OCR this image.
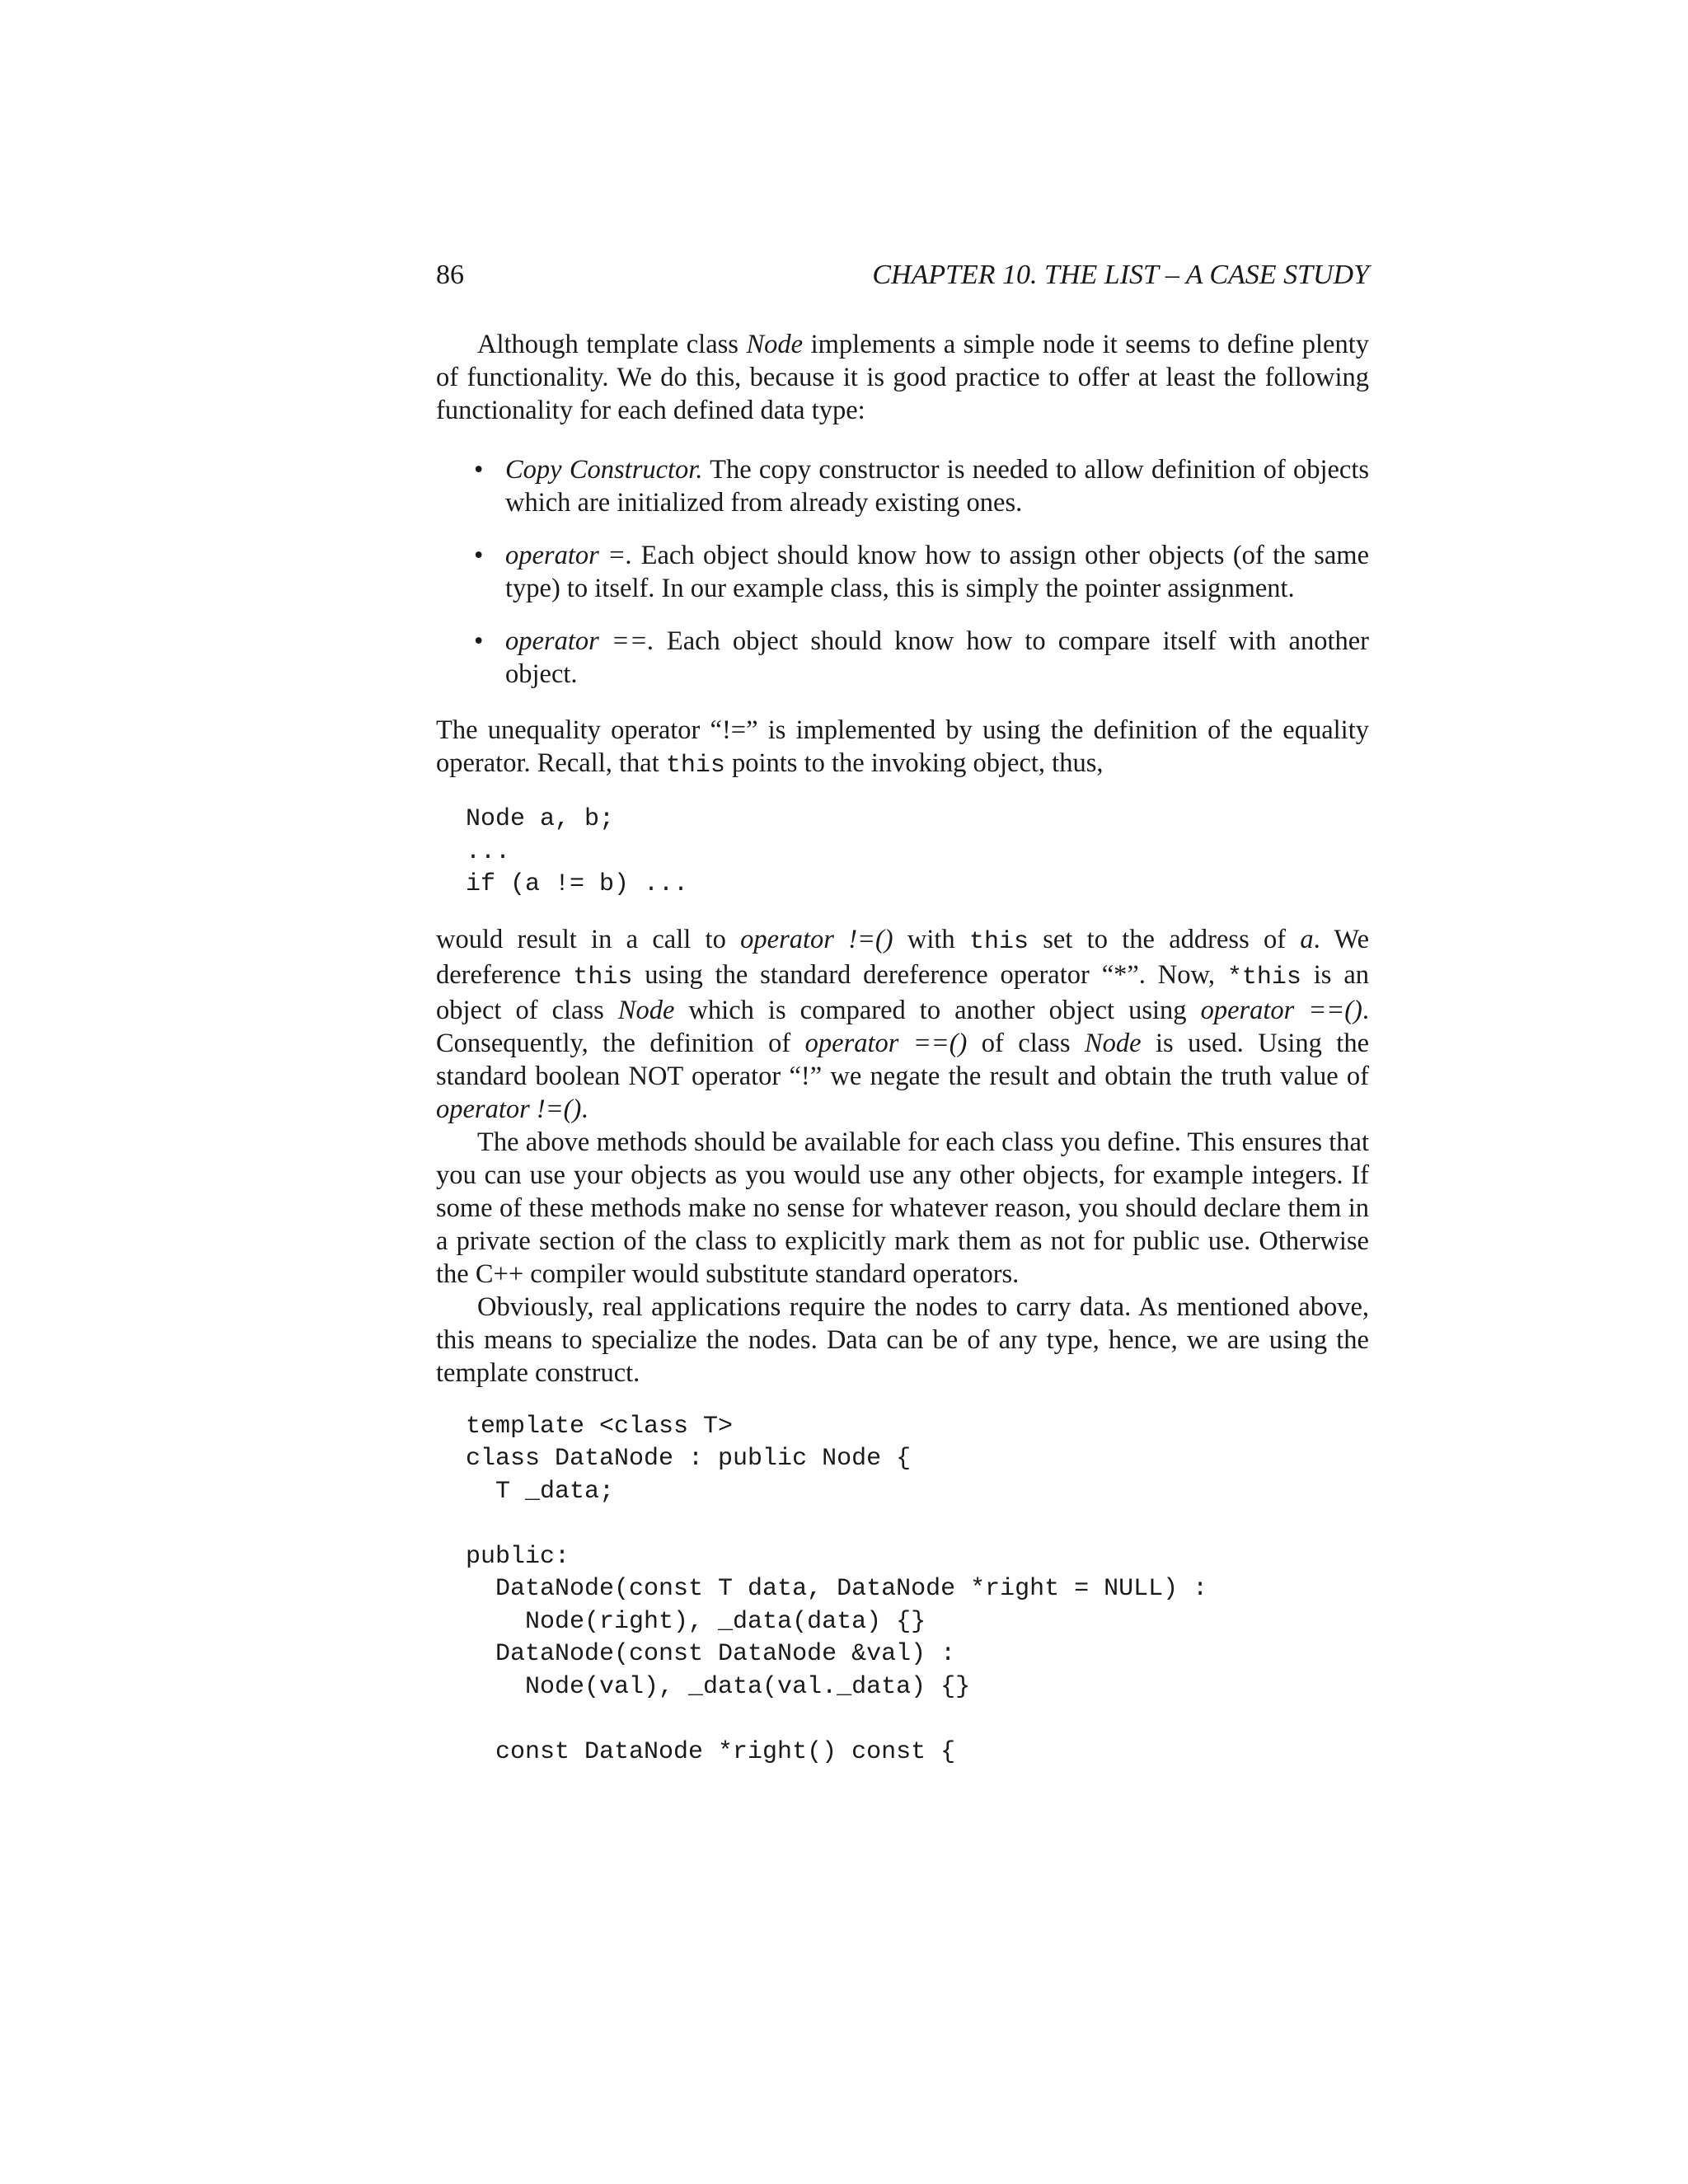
86	CHAPTER 10. THE LIST – A CASE STUDY

Although template class Node implements a simple node it seems to define plenty of functionality. We do this, because it is good practice to offer at least the following functionality for each defined data type:

• Copy Constructor. The copy constructor is needed to allow definition of objects which are initialized from already existing ones.
• operator =. Each object should know how to assign other objects (of the same type) to itself. In our example class, this is simply the pointer assignment.
• operator ==. Each object should know how to compare itself with another object.

The unequality operator “!=” is implemented by using the definition of the equality operator. Recall, that this points to the invoking object, thus,

Node a, b;
...
if (a != b) ...

would result in a call to operator !=() with this set to the address of a. We dereference this using the standard dereference operator “*”. Now, *this is an object of class Node which is compared to another object using operator ==(). Consequently, the definition of operator ==() of class Node is used. Using the standard boolean NOT operator “!” we negate the result and obtain the truth value of operator !=().

The above methods should be available for each class you define. This ensures that you can use your objects as you would use any other objects, for example integers. If some of these methods make no sense for whatever reason, you should declare them in a private section of the class to explicitly mark them as not for public use. Otherwise the C++ compiler would substitute standard operators.

Obviously, real applications require the nodes to carry data. As mentioned above, this means to specialize the nodes. Data can be of any type, hence, we are using the template construct.

template <class T>
class DataNode : public Node {
T _data;
public:
DataNode(const T data, DataNode *right = NULL) :
Node(right), _data(data) {}
DataNode(const DataNode &val) :
Node(val), _data(val._data) {}
const DataNode *right() const {
